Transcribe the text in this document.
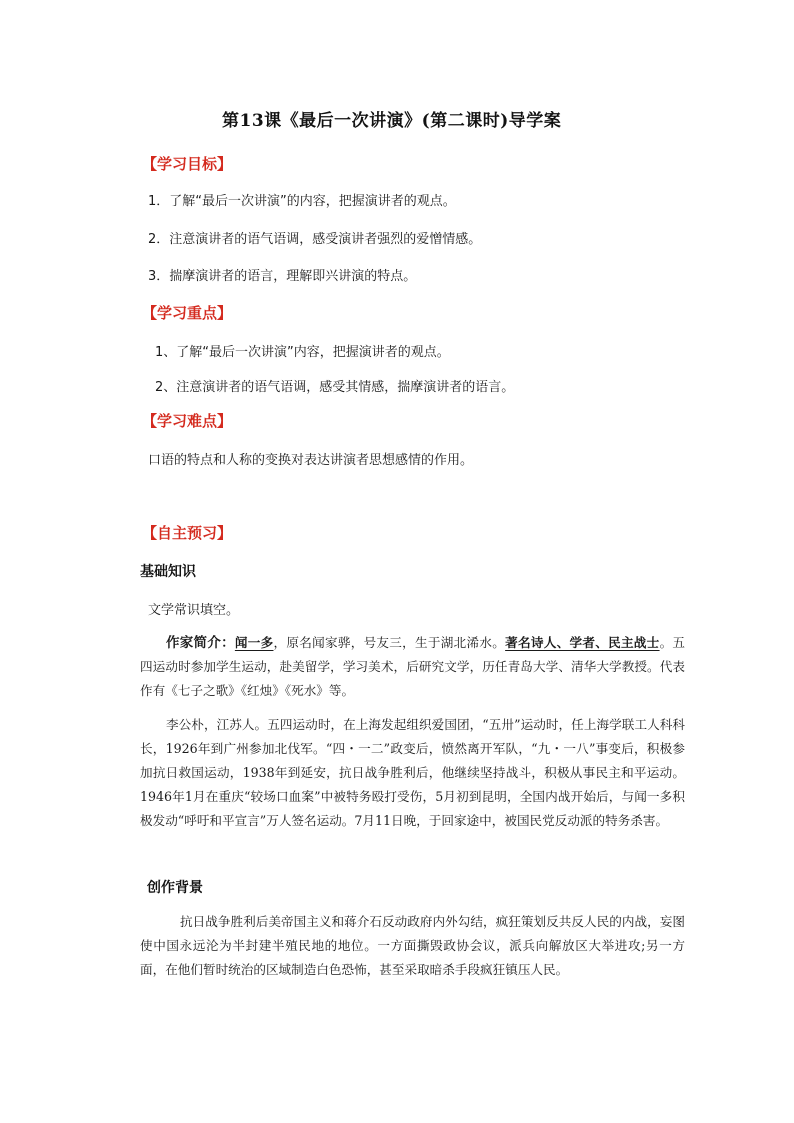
第13课《最后一次讲演》(第二课时)导学案
【学习目标】
1．了解“最后一次讲演”的内容，把握演讲者的观点。
2．注意演讲者的语气语调，感受演讲者强烈的爱憎情感。
3．揣摩演讲者的语言，理解即兴讲演的特点。
【学习重点】
1、了解“最后一次讲演”内容，把握演讲者的观点。
2、注意演讲者的语气语调，感受其情感，揣摩演讲者的语言。
【学习难点】
口语的特点和人称的变换对表达讲演者思想感情的作用。
【自主预习】
基础知识
文学常识填空。
作家简介：闻一多，原名闻家骅，号友三，生于湖北浠水。著名诗人、学者、民主战士。五四运动时参加学生运动，赴美留学，学习美术，后研究文学，历任青岛大学、清华大学教授。代表作有《七子之歌》《红烛》《死水》等。
李公朴，江苏人。五四运动时，在上海发起组织爱国团，“五卅”运动时，任上海学联工人科科长，1926年到广州参加北伐军。“四・一二”政变后，愤然离开军队，“九・一八”事变后，积极参加抗日救国运动，1938年到延安，抗日战争胜利后，他继续坚持战斗，积极从事民主和平运动。1946年1月在重庆“较场口血案”中被特务殴打受伤，5月初到昆明，全国内战开始后，与闻一多积极发动“呼吁和平宣言”万人签名运动。7月11日晚，于回家途中，被国民党反动派的特务杀害。
创作背景
抗日战争胜利后美帝国主义和蒋介石反动政府内外勾结，疯狂策划反共反人民的内战，妄图使中国永远沦为半封建半殖民地的地位。一方面撕毁政协会议，派兵向解放区大举进攻;另一方面，在他们暂时统治的区域制造白色恐怖，甚至采取暗杀手段疯狂镇压人民。
